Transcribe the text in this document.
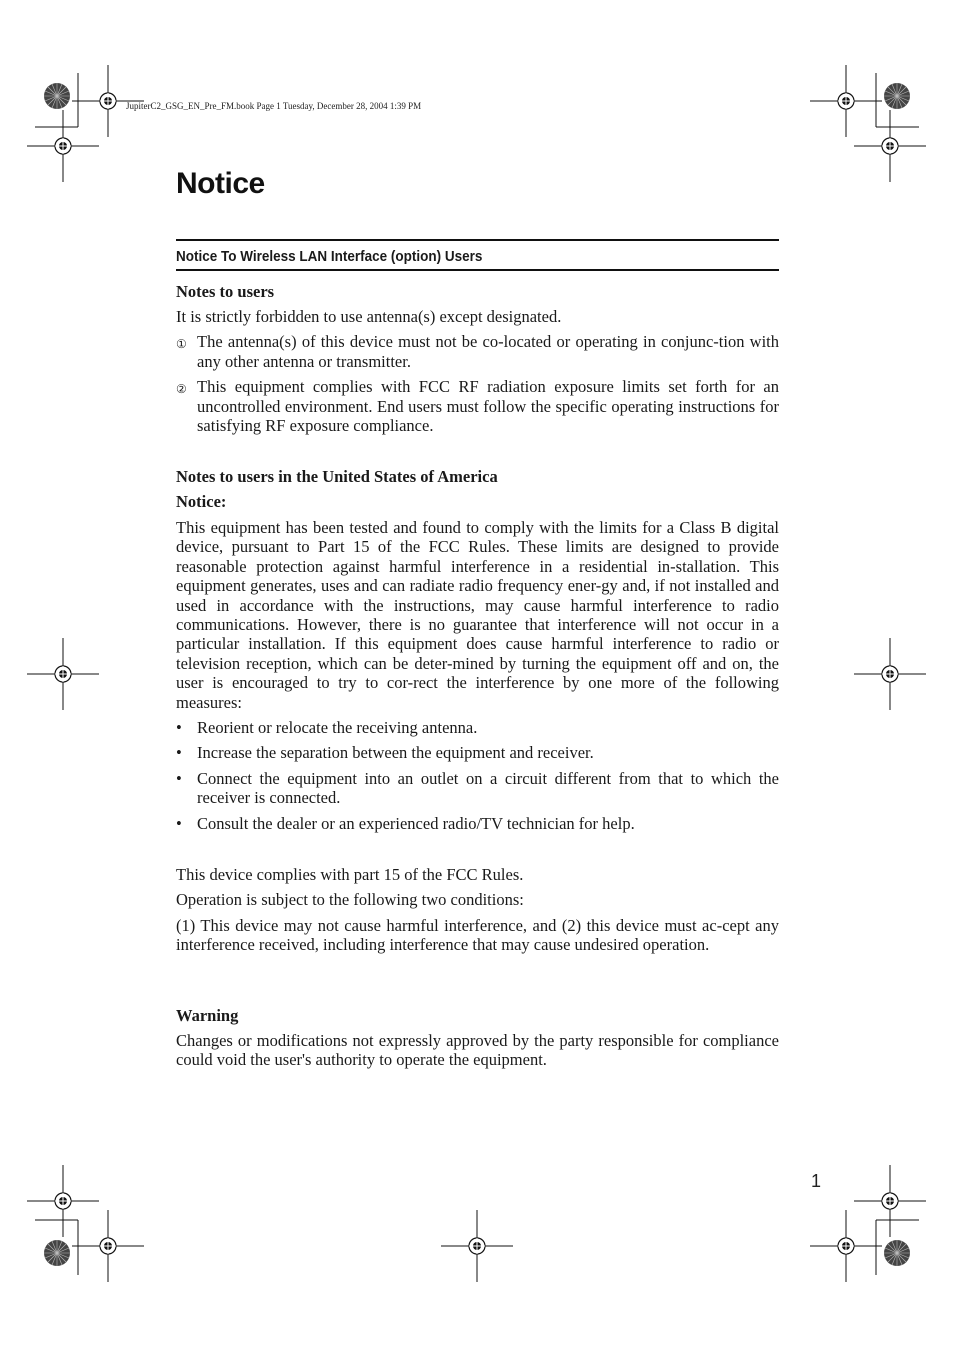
JupiterC2_GSG_EN_Pre_FM.book Page 1 Tuesday, December 28, 2004 1:39 PM
Notice
Notice To Wireless LAN Interface (option) Users

Notes to users

It is strictly forbidden to use antenna(s) except designated.

① The antenna(s) of this device must not be co-located or operating in conjunc-tion with any other antenna or transmitter.
② This equipment complies with FCC RF radiation exposure limits set forth for an uncontrolled environment. End users must follow the specific operating instructions for satisfying RF exposure compliance.

Notes to users in the United States of America

Notice:

This equipment has been tested and found to comply with the limits for a Class B digital device, pursuant to Part 15 of the FCC Rules. These limits are designed to provide reasonable protection against harmful interference in a residential in-stallation. This equipment generates, uses and can radiate radio frequency ener-gy and, if not installed and used in accordance with the instructions, may cause harmful interference to radio communications. However, there is no guarantee that interference will not occur in a particular installation. If this equipment does cause harmful interference to radio or television reception, which can be deter-mined by turning the equipment off and on, the user is encouraged to try to cor-rect the interference by one more of the following measures:

• Reorient or relocate the receiving antenna.
• Increase the separation between the equipment and receiver.
• Connect the equipment into an outlet on a circuit different from that to which the receiver is connected.
• Consult the dealer or an experienced radio/TV technician for help.

This device complies with part 15 of the FCC Rules.

Operation is subject to the following two conditions:

(1) This device may not cause harmful interference, and (2) this device must ac-cept any interference received, including interference that may cause undesired operation.

Warning

Changes or modifications not expressly approved by the party responsible for compliance could void the user's authority to operate the equipment.

1
